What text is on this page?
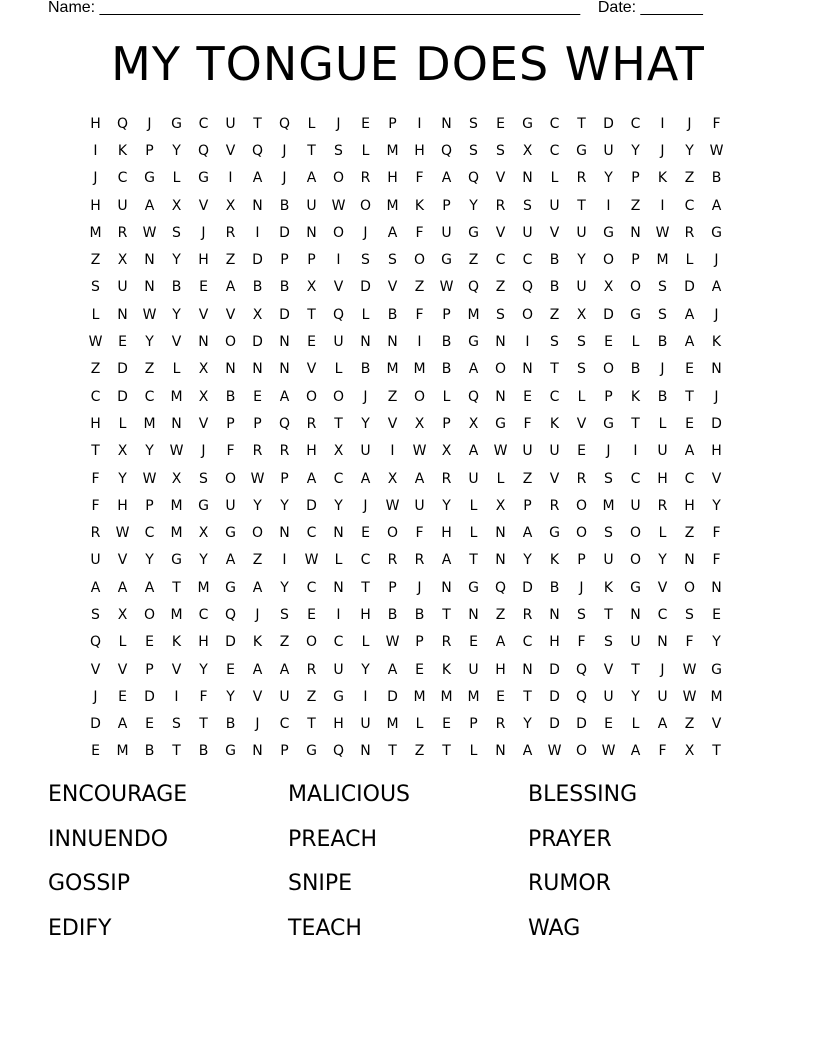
Name: ______________________________________________________    Date: _______
MY TONGUE DOES WHAT
H	Q	J	G	C	U	T	Q	L	J	E	P	I	N	S	E	G	C	T	D	C	I	J	F
I	K	P	Y	Q	V	Q	J	T	S	L	M	H	Q	S	S	X	C	G	U	Y	J	Y	W
J	C	G	L	G	I	A	J	A	O	R	H	F	A	Q	V	N	L	R	Y	P	K	Z	B
H	U	A	X	V	X	N	B	U	W	O	M	K	P	Y	R	S	U	T	I	Z	I	C	A
M	R	W	S	J	R	I	D	N	O	J	A	F	U	G	V	U	V	U	G	N	W	R	G
Z	X	N	Y	H	Z	D	P	P	I	S	S	O	G	Z	C	C	B	Y	O	P	M	L	J
S	U	N	B	E	A	B	B	X	V	D	V	Z	W	Q	Z	Q	B	U	X	O	S	D	A
L	N	W	Y	V	V	X	D	T	Q	L	B	F	P	M	S	O	Z	X	D	G	S	A	J
W	E	Y	V	N	O	D	N	E	U	N	N	I	B	G	N	I	S	S	E	L	B	A	K
Z	D	Z	L	X	N	N	N	V	L	B	M	M	B	A	O	N	T	S	O	B	J	E	N
C	D	C	M	X	B	E	A	O	O	J	Z	O	L	Q	N	E	C	L	P	K	B	T	J
H	L	M	N	V	P	P	Q	R	T	Y	V	X	P	X	G	F	K	V	G	T	L	E	D
T	X	Y	W	J	F	R	R	H	X	U	I	W	X	A	W	U	U	E	J	I	U	A	H
F	Y	W	X	S	O	W	P	A	C	A	X	A	R	U	L	Z	V	R	S	C	H	C	V
F	H	P	M	G	U	Y	Y	D	Y	J	W	U	Y	L	X	P	R	O	M	U	R	H	Y
R	W	C	M	X	G	O	N	C	N	E	O	F	H	L	N	A	G	O	S	O	L	Z	F
U	V	Y	G	Y	A	Z	I	W	L	C	R	R	A	T	N	Y	K	P	U	O	Y	N	F
A	A	A	T	M	G	A	Y	C	N	T	P	J	N	G	Q	D	B	J	K	G	V	O	N
S	X	O	M	C	Q	J	S	E	I	H	B	B	T	N	Z	R	N	S	T	N	C	S	E
Q	L	E	K	H	D	K	Z	O	C	L	W	P	R	E	A	C	H	F	S	U	N	F	Y
V	V	P	V	Y	E	A	A	R	U	Y	A	E	K	U	H	N	D	Q	V	T	J	W	G
J	E	D	I	F	Y	V	U	Z	G	I	D	M	M	M	E	T	D	Q	U	Y	U	W	M
D	A	E	S	T	B	J	C	T	H	U	M	L	E	P	R	Y	D	D	E	L	A	Z	V
E	M	B	T	B	G	N	P	G	Q	N	T	Z	T	L	N	A	W	O	W	A	F	X	T
ENCOURAGE	MALICIOUS	BLESSING
INNUENDO	PREACH	PRAYER
GOSSIP	SNIPE	RUMOR
EDIFY	TEACH	WAG
